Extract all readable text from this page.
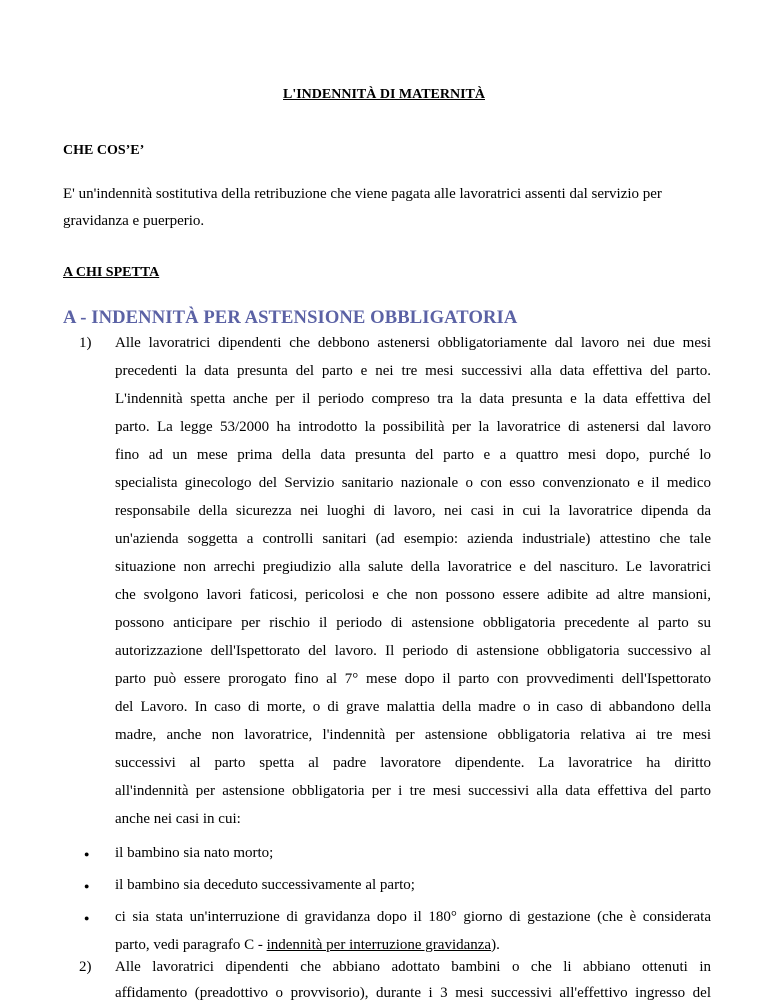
L'INDENNITÀ DI MATERNITÀ
CHE COS’E’
E' un'indennità sostitutiva della retribuzione che viene pagata alle lavoratrici assenti dal servizio per
gravidanza e puerperio.
A CHI SPETTA
A - INDENNITÀ PER ASTENSIONE OBBLIGATORIA
1) Alle lavoratrici dipendenti che debbono astenersi obbligatoriamente dal lavoro nei due mesi
precedenti la data presunta del parto e nei tre mesi successivi alla data effettiva del parto.
L'indennità spetta anche per il periodo compreso tra la data presunta e la data effettiva del
parto. La legge 53/2000 ha introdotto la possibilità per la lavoratrice di astenersi dal lavoro
fino ad un mese prima della data presunta del parto e a quattro mesi dopo, purché lo
specialista ginecologo del Servizio sanitario nazionale o con esso convenzionato e il medico
responsabile della sicurezza nei luoghi di lavoro, nei casi in cui la lavoratrice dipenda da
un'azienda soggetta a controlli sanitari (ad esempio: azienda industriale) attestino che tale
situazione non arrechi pregiudizio alla salute della lavoratrice e del nascituro. Le lavoratrici
che svolgono lavori faticosi, pericolosi e che non possono essere adibite ad altre mansioni,
possono anticipare per rischio il periodo di astensione obbligatoria precedente al parto su
autorizzazione dell'Ispettorato del lavoro. Il periodo di astensione obbligatoria successivo al
parto può essere prorogato fino al 7° mese dopo il parto con provvedimenti dell'Ispettorato
del Lavoro. In caso di morte, o di grave malattia della madre o in caso di abbandono della
madre, anche non lavoratrice, l'indennità per astensione obbligatoria relativa ai tre mesi
successivi al parto spetta al padre lavoratore dipendente. La lavoratrice ha diritto
all'indennità per astensione obbligatoria per i tre mesi successivi alla data effettiva del parto
anche nei casi in cui:
● il bambino sia nato morto;
● il bambino sia deceduto successivamente al parto;
● ci sia stata un'interruzione di gravidanza dopo il 180° giorno di gestazione (che è considerata
parto, vedi paragrafo C - indennità per interruzione gravidanza).
2) Alle lavoratrici dipendenti che abbiano adottato bambini o che li abbiano ottenuti in
affidamento (preadottivo o provvisorio), durante i 3 mesi successivi all'effettivo ingresso del
